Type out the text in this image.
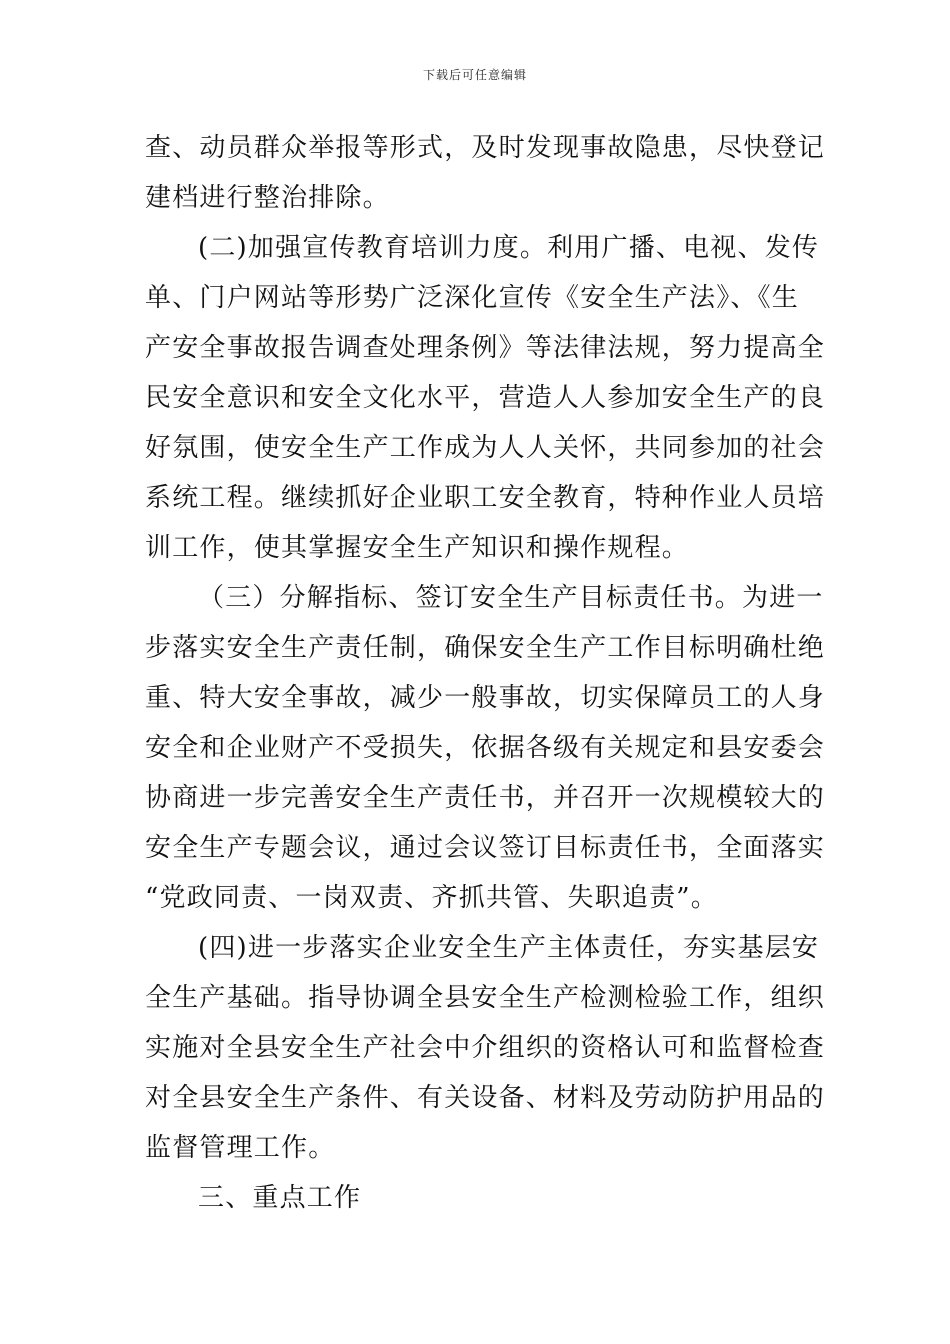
下载后可任意编辑
查、动员群众举报等形式，及时发现事故隐患，尽快登记
建档进行整治排除。
(二)加强宣传教育培训力度。利用广播、电视、发传
单、门户网站等形势广泛深化宣传《安全生产法》、《生
产安全事故报告调查处理条例》等法律法规，努力提高全
民安全意识和安全文化水平，营造人人参加安全生产的良
好氛围，使安全生产工作成为人人关怀，共同参加的社会
系统工程。继续抓好企业职工安全教育，特种作业人员培
训工作，使其掌握安全生产知识和操作规程。
（三）分解指标、签订安全生产目标责任书。为进一
步落实安全生产责任制，确保安全生产工作目标明确杜绝
重、特大安全事故，减少一般事故，切实保障员工的人身
安全和企业财产不受损失，依据各级有关规定和县安委会
协商进一步完善安全生产责任书，并召开一次规模较大的
安全生产专题会议，通过会议签订目标责任书，全面落实
“党政同责、一岗双责、齐抓共管、失职追责”。
(四)进一步落实企业安全生产主体责任，夯实基层安
全生产基础。指导协调全县安全生产检测检验工作，组织
实施对全县安全生产社会中介组织的资格认可和监督检查
对全县安全生产条件、有关设备、材料及劳动防护用品的
监督管理工作。
三、重点工作
